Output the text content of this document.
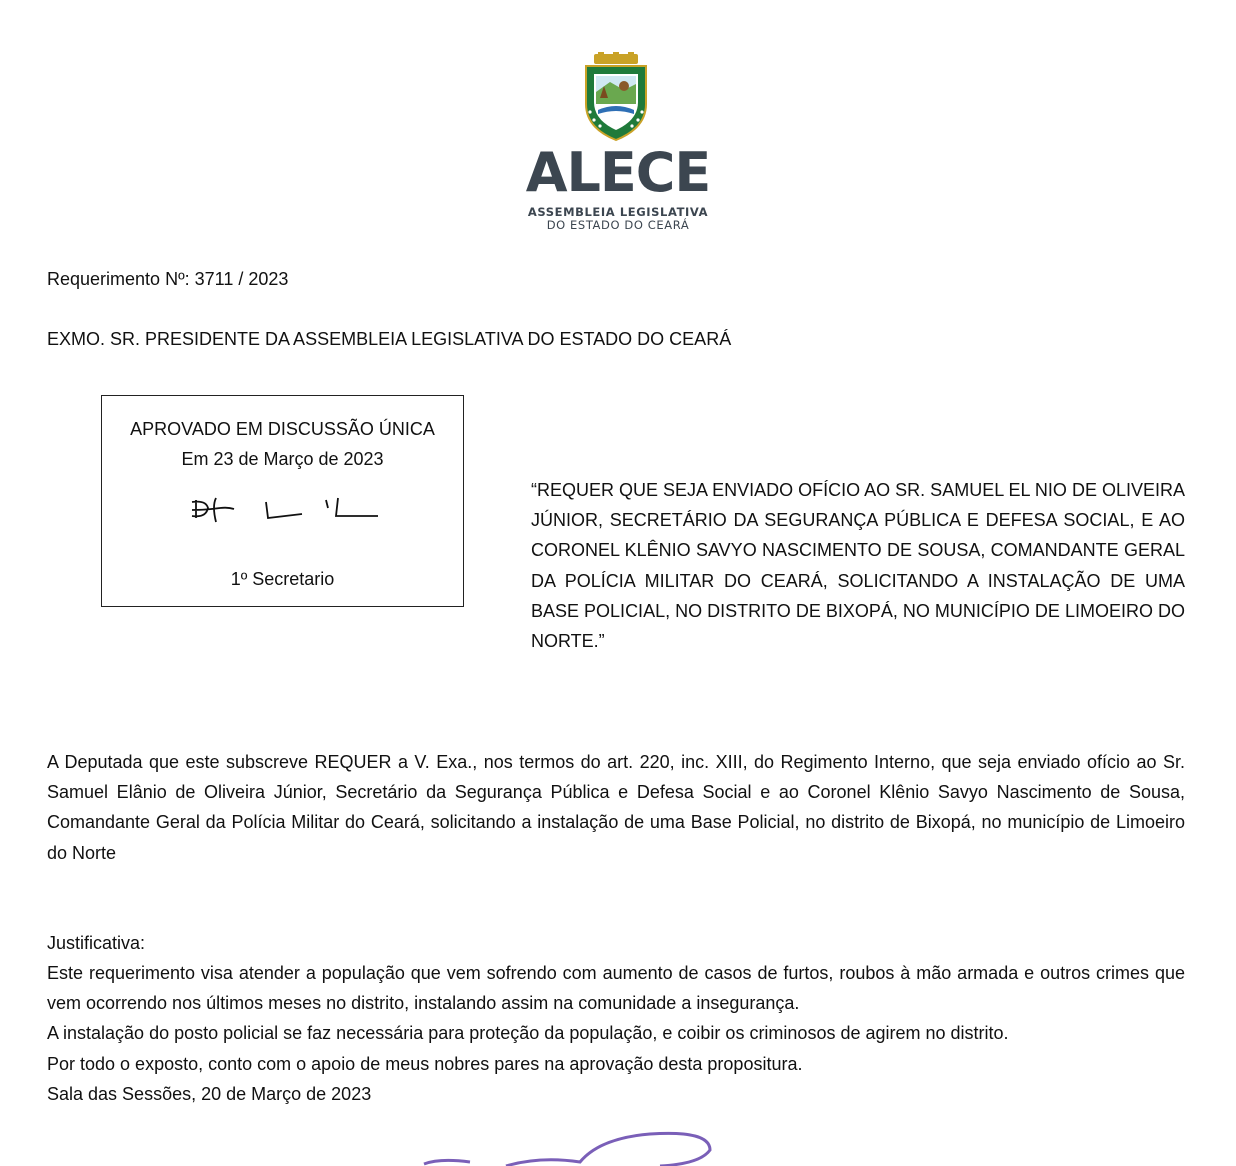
ALECE
ASSEMBLEIA LEGISLATIVA
DO ESTADO DO CEARÁ
Requerimento Nº: 3711 / 2023
EXMO. SR. PRESIDENTE DA ASSEMBLEIA LEGISLATIVA DO ESTADO DO CEARÁ
APROVADO EM DISCUSSÃO ÚNICA
Em 23 de Março de 2023
1º Secretario
“REQUER QUE SEJA ENVIADO OFÍCIO AO SR. SAMUEL EL NIO DE OLIVEIRA JÚNIOR, SECRETÁRIO DA SEGURANÇA PÚBLICA E DEFESA SOCIAL, E AO CORONEL KLÊNIO SAVYO NASCIMENTO DE SOUSA, COMANDANTE GERAL DA POLÍCIA MILITAR DO CEARÁ, SOLICITANDO A INSTALAÇÃO DE UMA BASE POLICIAL, NO DISTRITO DE BIXOPÁ, NO MUNICÍPIO DE LIMOEIRO DO NORTE.”
A Deputada que este subscreve REQUER a V. Exa., nos termos do art. 220, inc. XIII, do Regimento Interno, que seja enviado ofício ao Sr. Samuel Elânio de Oliveira Júnior, Secretário da Segurança Pública e Defesa Social e ao Coronel Klênio Savyo Nascimento de Sousa, Comandante Geral da Polícia Militar do Ceará, solicitando a instalação de uma Base Policial, no distrito de Bixopá, no município de Limoeiro do Norte
Justificativa:
Este requerimento visa atender a população que vem sofrendo com aumento de casos de furtos, roubos à mão armada e outros crimes que vem ocorrendo nos últimos meses no distrito, instalando assim na comunidade a insegurança.
A instalação do posto policial se faz necessária para proteção da população, e coibir os criminosos de agirem no distrito.
Por todo o exposto, conto com o apoio de meus nobres pares na aprovação desta propositura.
Sala das Sessões, 20 de Março de 2023
